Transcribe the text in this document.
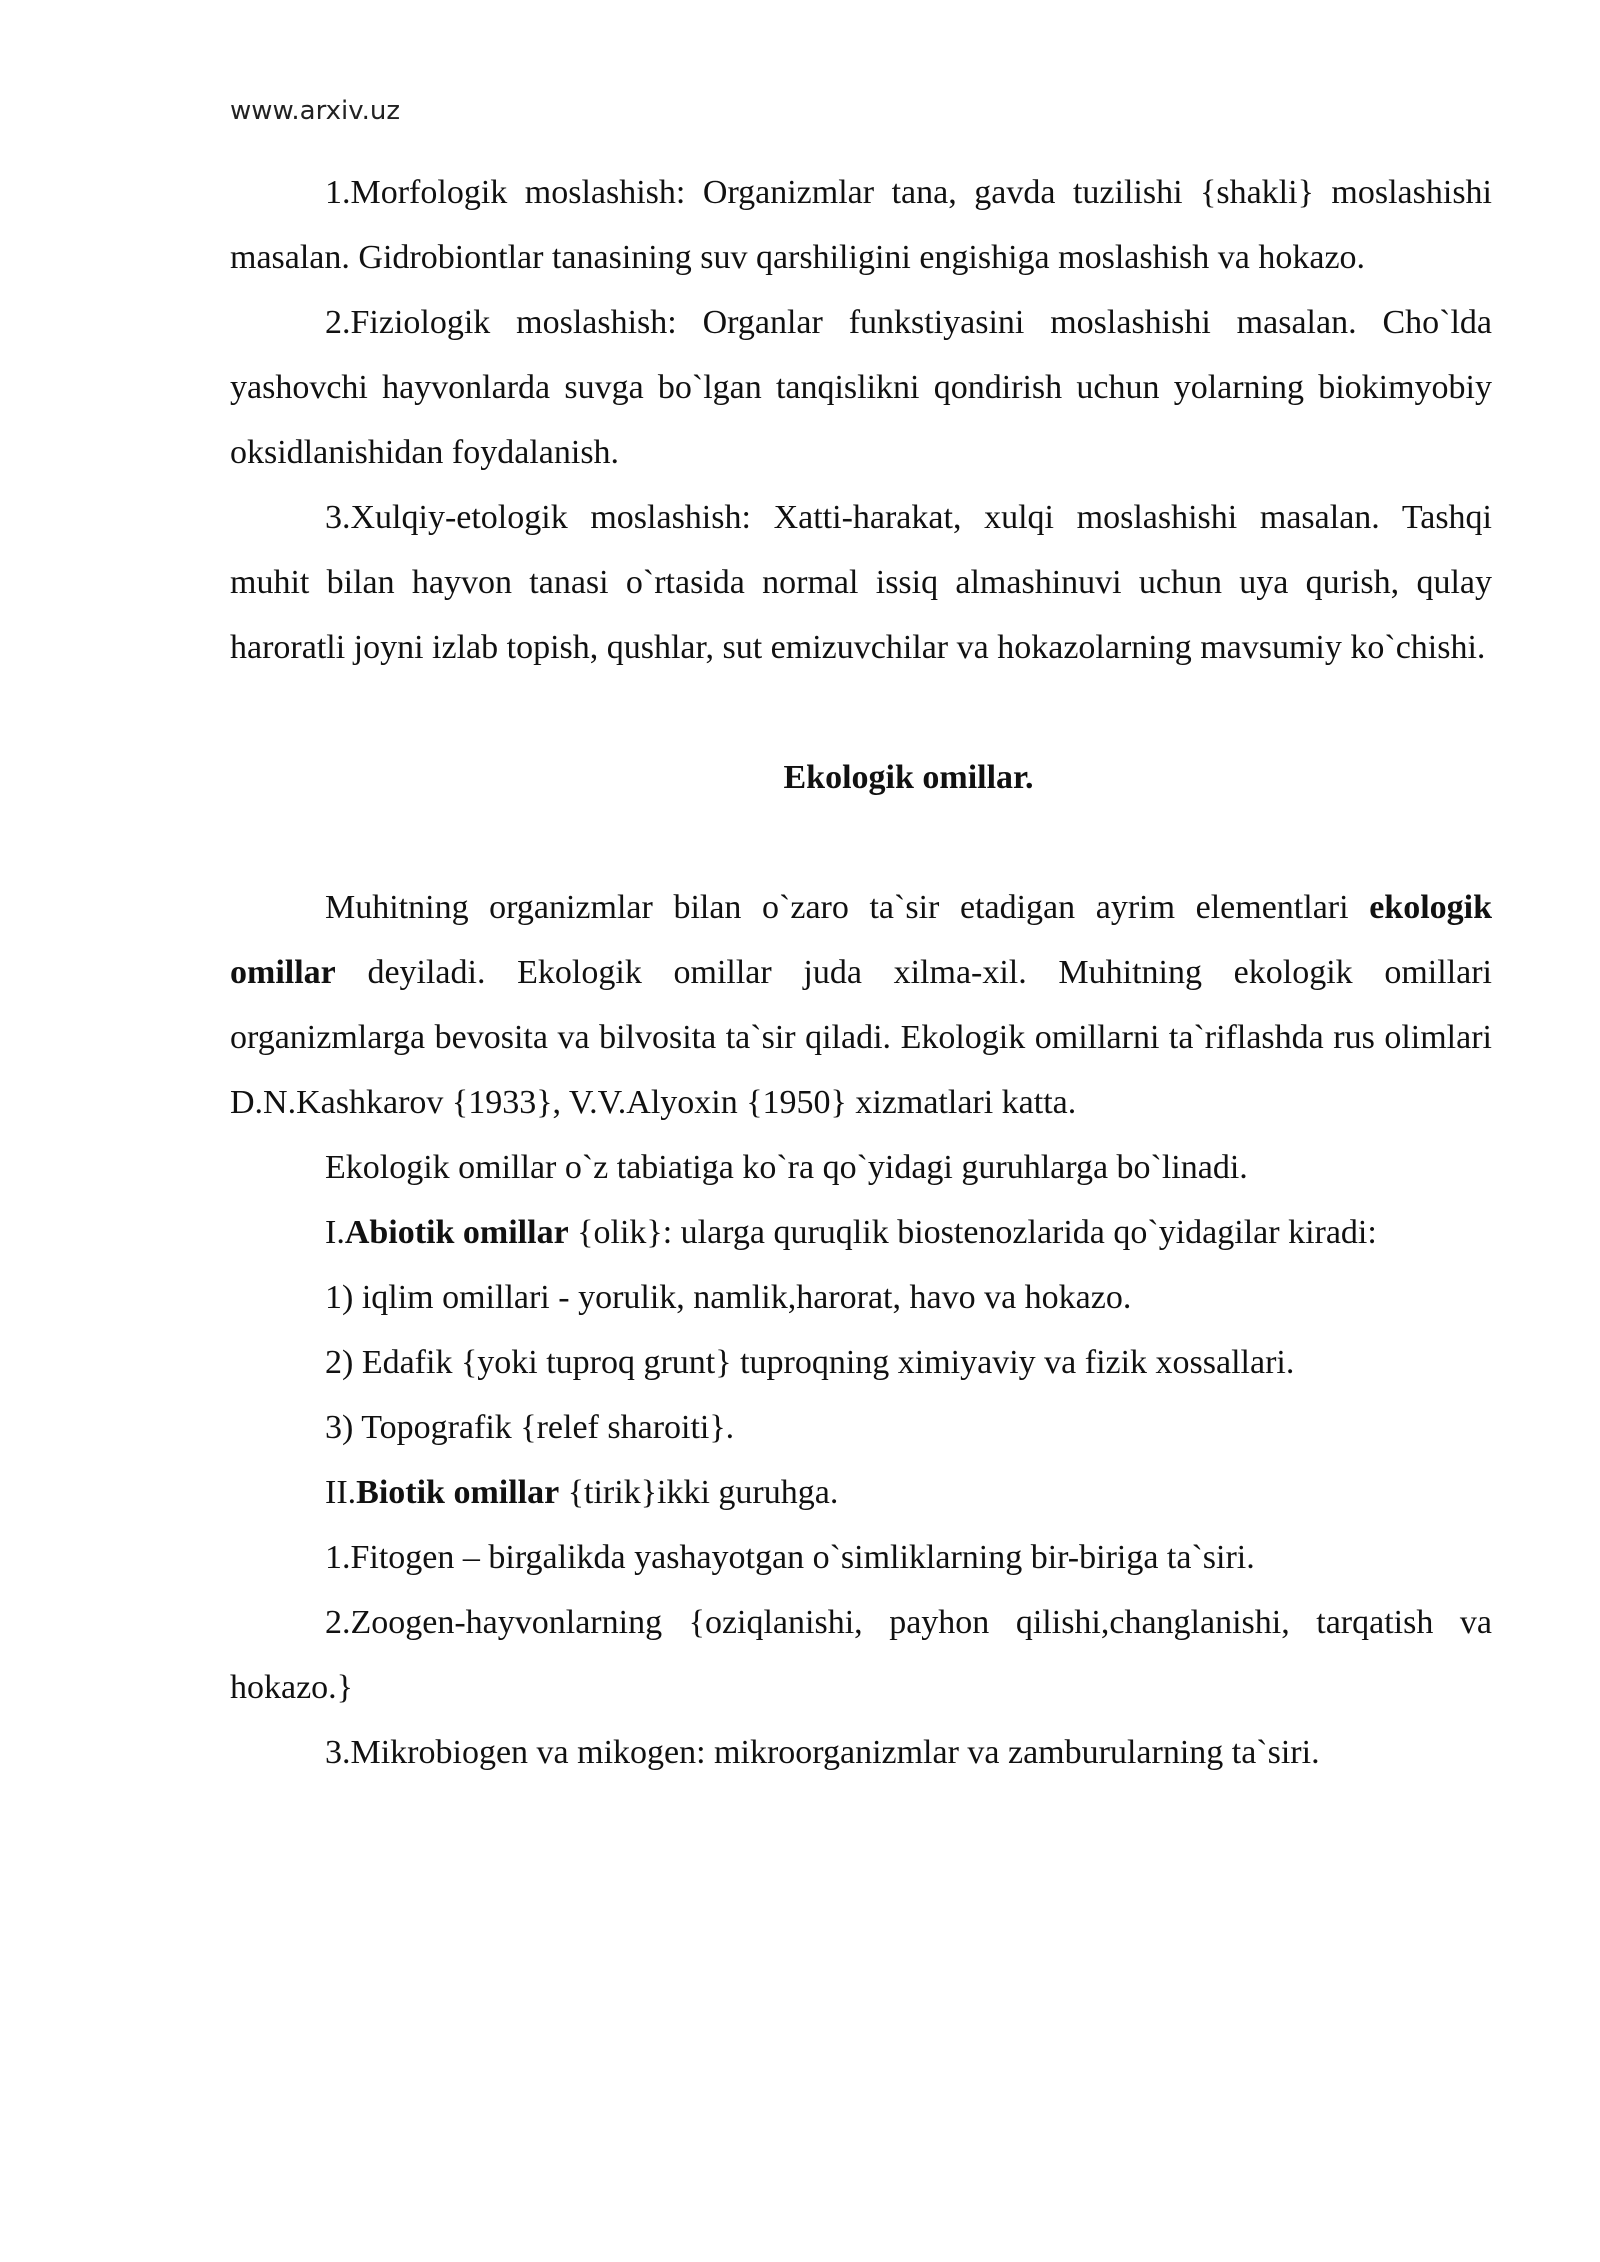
www.arxiv.uz

1.Morfologik moslashish: Organizmlar tana, gavda tuzilishi {shakli} moslashishi masalan. Gidrobiontlar tanasining suv qarshiligini engishiga moslashish va hokazo.

2.Fiziologik moslashish: Organlar funkstiyasini moslashishi masalan. Cho`lda yashovchi hayvonlarda suvga bo`lgan tanqislikni qondirish uchun yolarning biokimyobiy oksidlanishidan foydalanish.

3.Xulqiy-etologik moslashish: Xatti-harakat, xulqi moslashishi masalan. Tashqi muhit bilan hayvon tanasi o`rtasida normal issiq almashinuvi uchun uya qurish, qulay haroratli joyni izlab topish, qushlar, sut emizuvchilar va hokazolarning mavsumiy ko`chishi.

Ekologik omillar.

Muhitning organizmlar bilan o`zaro ta`sir etadigan ayrim elementlari ekologik omillar deyiladi. Ekologik omillar juda xilma-xil. Muhitning ekologik omillari organizmlarga bevosita va bilvosita ta`sir qiladi. Ekologik omillarni ta`riflashda rus olimlari D.N.Kashkarov {1933}, V.V.Alyoxin {1950} xizmatlari katta.

Ekologik omillar o`z tabiatiga ko`ra qo`yidagi guruhlarga bo`linadi.

I.Abiotik omillar {olik}: ularga quruqlik biostenozlarida qo`yidagilar kiradi:

1) iqlim omillari - yorulik, namlik,harorat, havo va hokazo.

2) Edafik {yoki tuproq grunt} tuproqning ximiyaviy va fizik xossallari.

3) Topografik {relef sharoiti}.

II.Biotik omillar {tirik}ikki guruhga.

1.Fitogen – birgalikda yashayotgan o`simliklarning bir-biriga ta`siri.

2.Zoogen-hayvonlarning {oziqlanishi, payhon qilishi,changlanishi, tarqatish va hokazo.}

3.Mikrobiogen va mikogen: mikroorganizmlar va zamburularning ta`siri.
